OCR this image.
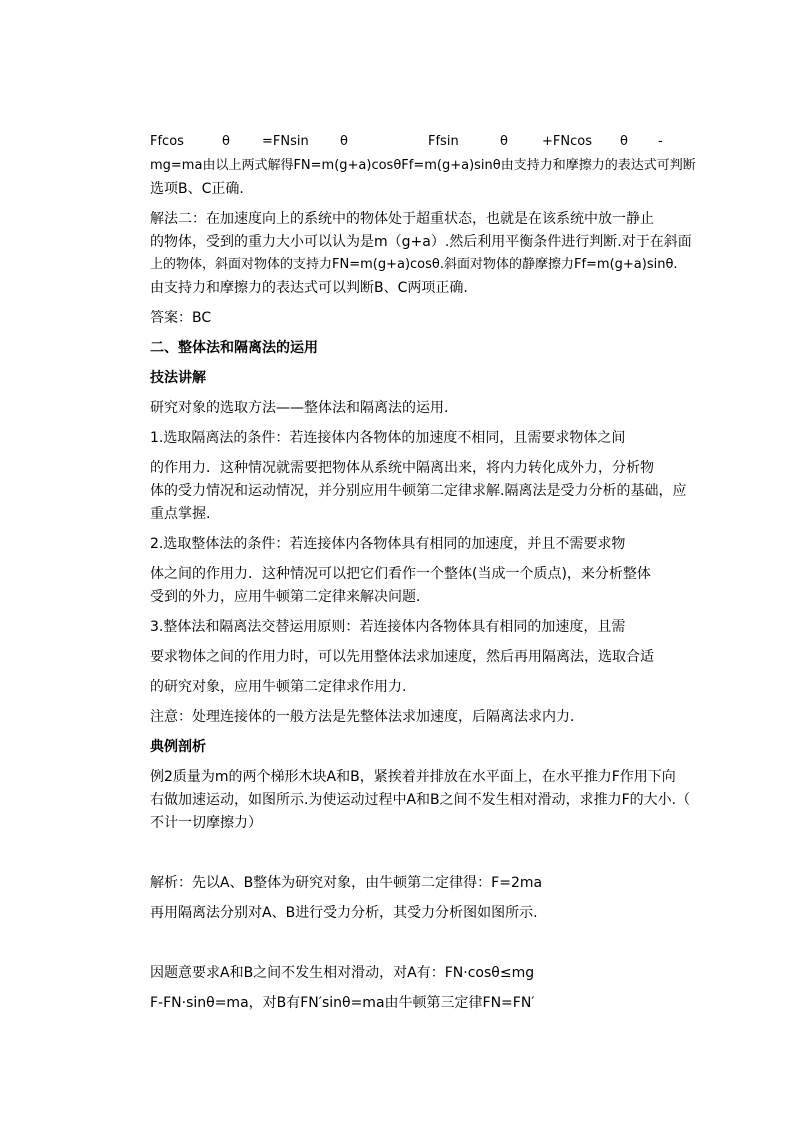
Ffcos	θ =FNsin θ	Ffsin	θ	+FNcos θ -
mg=ma由以上两式解得FN=m(g+a)cosθFf=m(g+a)sinθ由支持力和摩擦力的表达式可判断
选项B、C正确.
解法二：在加速度向上的系统中的物体处于超重状态，也就是在该系统中放一静止
的物体，受到的重力大小可以认为是m（g+a）.然后利用平衡条件进行判断.对于在斜面
上的物体，斜面对物体的支持力FN=m(g+a)cosθ.斜面对物体的静摩擦力Ff=m(g+a)sinθ.
由支持力和摩擦力的表达式可以判断B、C两项正确.
答案：BC
二、整体法和隔离法的运用
技法讲解
研究对象的选取方法——整体法和隔离法的运用.
1.选取隔离法的条件：若连接体内各物体的加速度不相同，且需要求物体之间
的作用力．这种情况就需要把物体从系统中隔离出来，将内力转化成外力，分析物
体的受力情况和运动情况，并分别应用牛顿第二定律求解.隔离法是受力分析的基础，应
重点掌握.
2.选取整体法的条件：若连接体内各物体具有相同的加速度，并且不需要求物
体之间的作用力．这种情况可以把它们看作一个整体(当成一个质点)，来分析整体
受到的外力，应用牛顿第二定律来解决问题．
3.整体法和隔离法交替运用原则：若连接体内各物体具有相同的加速度，且需
要求物体之间的作用力时，可以先用整体法求加速度，然后再用隔离法，选取合适
的研究对象，应用牛顿第二定律求作用力.
注意：处理连接体的一般方法是先整体法求加速度，后隔离法求内力．
典例剖析
例2质量为m的两个梯形木块A和B，紧挨着并排放在水平面上，在水平推力F作用下向
右做加速运动，如图所示.为使运动过程中A和B之间不发生相对滑动，求推力F的大小.（
不计一切摩擦力）
解析：先以A、B整体为研究对象，由牛顿第二定律得：F=2ma
再用隔离法分别对A、B进行受力分析，其受力分析图如图所示.
因题意要求A和B之间不发生相对滑动，对A有：FN·cosθ≤mg
F-FN·sinθ=ma，对B有FN′sinθ=ma由牛顿第三定律FN=FN′
